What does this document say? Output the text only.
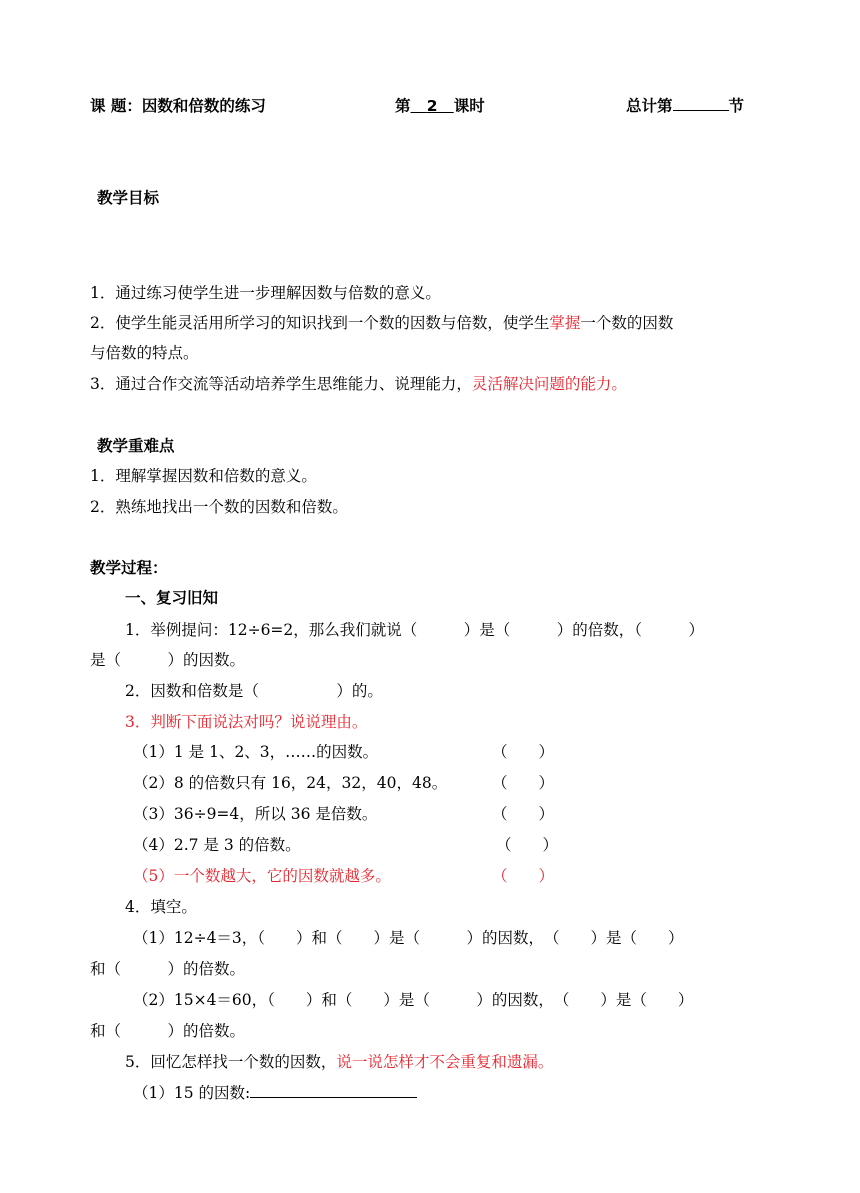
课 题：因数和倍数的练习	第 2 课时	总计第	节
教学目标
1．通过练习使学生进一步理解因数与倍数的意义。
2．使学生能灵活用所学习的知识找到一个数的因数与倍数，使学生掌握一个数的因数
与倍数的特点。
3．通过合作交流等活动培养学生思维能力、说理能力，灵活解决问题的能力。
教学重难点
1．理解掌握因数和倍数的意义。
2．熟练地找出一个数的因数和倍数。
教学过程：
一、复习旧知
1．举例提问：12÷6=2，那么我们就说（　　　）是（　　　）的倍数，（　　　）
是（　　　）的因数。
2．因数和倍数是（　　　　　）的。
3．判断下面说法对吗？说说理由。
（1）1 是 1、2、3，……的因数。	（　　）
（2）8 的倍数只有 16，24，32，40，48。	（　　）
（3）36÷9=4，所以 36 是倍数。	（　　）
（4）2.7 是 3 的倍数。	（　　）
（5）一个数越大，它的因数就越多。	（　　）
4．填空。
（1）12÷4＝3，（　　）和（　　）是（　　　）的因数，　（　　）是（　　）
和（　　　）的倍数。
（2）15×4＝60，（　　）和（　　）是（　　　）的因数，　（　　）是（　　）
和（　　　）的倍数。
5．回忆怎样找一个数的因数，说一说怎样才不会重复和遗漏。
（1）15 的因数:
